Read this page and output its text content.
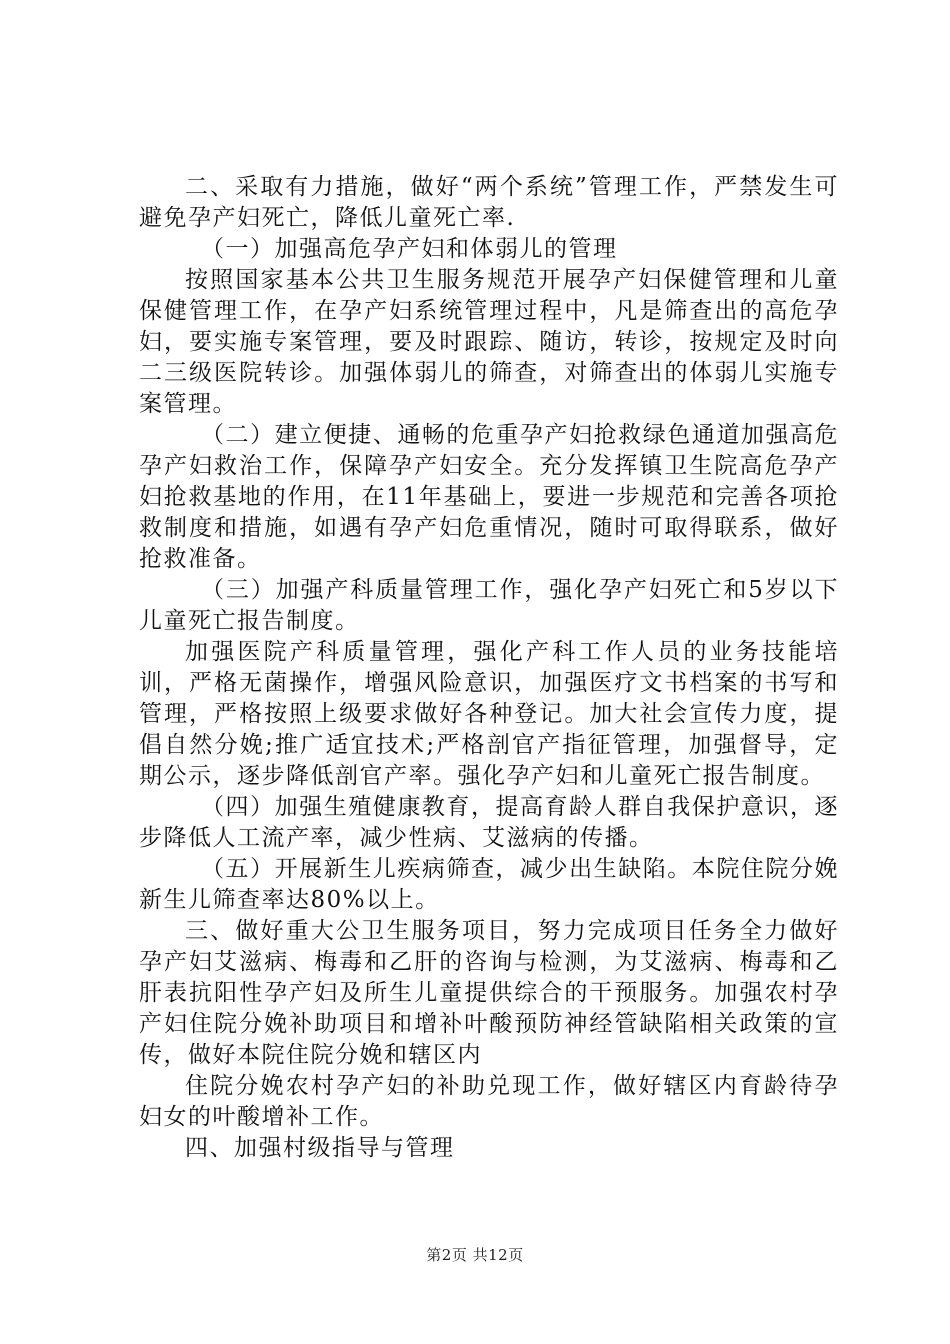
二、采取有力措施，做好“两个系统”管理工作，严禁发生可避免孕产妇死亡，降低儿童死亡率.

（一）加强高危孕产妇和体弱儿的管理

按照国家基本公共卫生服务规范开展孕产妇保健管理和儿童保健管理工作，在孕产妇系统管理过程中，凡是筛查出的高危孕妇，要实施专案管理，要及时跟踪、随访，转诊，按规定及时向二三级医院转诊。加强体弱儿的筛查，对筛查出的体弱儿实施专案管理。

（二）建立便捷、通畅的危重孕产妇抢救绿色通道加强高危孕产妇救治工作，保障孕产妇安全。充分发挥镇卫生院高危孕产妇抢救基地的作用，在11年基础上，要进一步规范和完善各项抢救制度和措施，如遇有孕产妇危重情况，随时可取得联系，做好抢救准备。

（三）加强产科质量管理工作，强化孕产妇死亡和5岁以下儿童死亡报告制度。

加强医院产科质量管理，强化产科工作人员的业务技能培训，严格无菌操作，增强风险意识，加强医疗文书档案的书写和管理，严格按照上级要求做好各种登记。加大社会宣传力度，提倡自然分娩;推广适宜技术;严格剖官产指征管理，加强督导，定期公示，逐步降低剖官产率。强化孕产妇和儿童死亡报告制度。

（四）加强生殖健康教育，提高育龄人群自我保护意识，逐步降低人工流产率，减少性病、艾滋病的传播。

（五）开展新生儿疾病筛查，减少出生缺陷。本院住院分娩新生儿筛查率达80%以上。

三、做好重大公卫生服务项目，努力完成项目任务全力做好孕产妇艾滋病、梅毒和乙肝的咨询与检测，为艾滋病、梅毒和乙肝表抗阳性孕产妇及所生儿童提供综合的干预服务。加强农村孕产妇住院分娩补助项目和增补叶酸预防神经管缺陷相关政策的宣传，做好本院住院分娩和辖区内

住院分娩农村孕产妇的补助兑现工作，做好辖区内育龄待孕妇女的叶酸增补工作。

四、加强村级指导与管理

第2页 共12页
